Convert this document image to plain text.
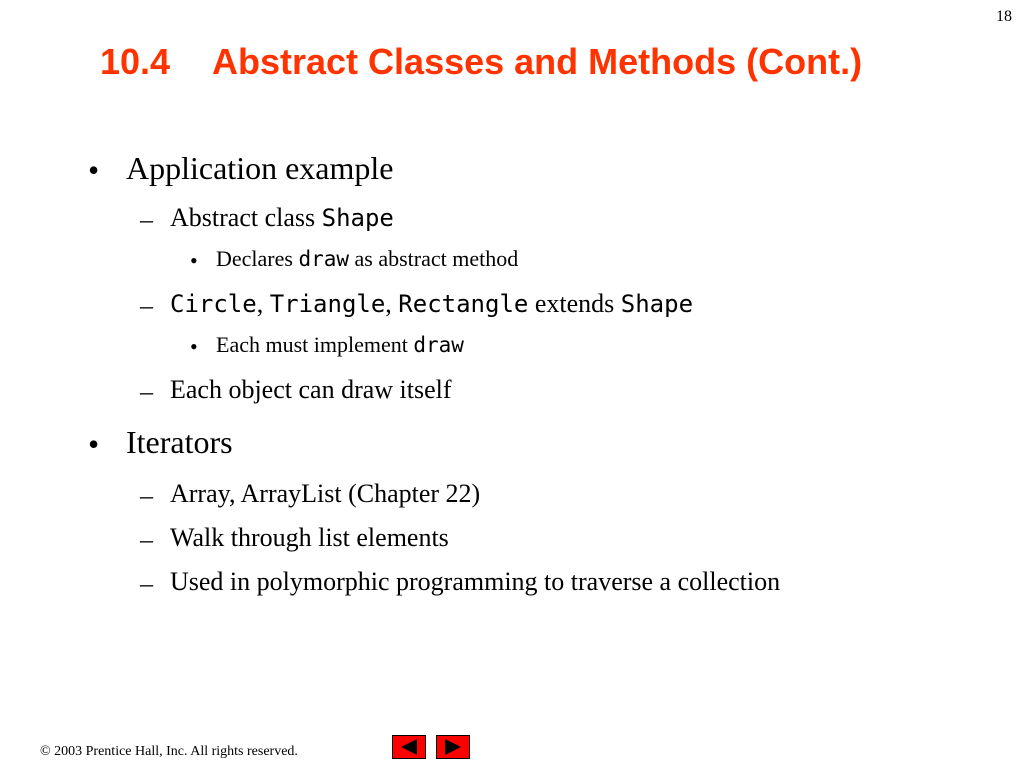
18
10.4 Abstract Classes and Methods (Cont.)
• Application example
– Abstract class Shape
• Declares draw as abstract method
– Circle, Triangle, Rectangle extends Shape
• Each must implement draw
– Each object can draw itself
• Iterators
– Array, ArrayList (Chapter 22)
– Walk through list elements
– Used in polymorphic programming to traverse a collection
© 2003 Prentice Hall, Inc. All rights reserved.
